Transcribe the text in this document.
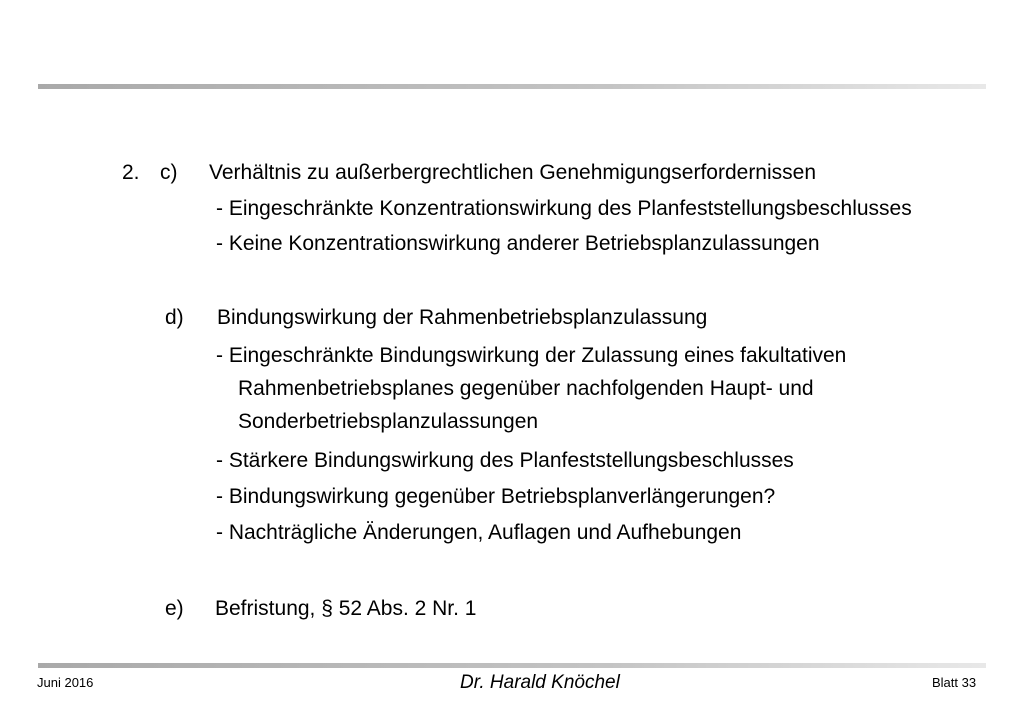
2. c) Verhältnis zu außerbergrechtlichen Genehmigungserfordernissen
- Eingeschränkte Konzentrationswirkung des Planfeststellungsbeschlusses
- Keine Konzentrationswirkung anderer Betriebsplanzulassungen
d) Bindungswirkung der Rahmenbetriebsplanzulassung
- Eingeschränkte Bindungswirkung der Zulassung eines fakultativen
Rahmenbetriebsplanes gegenüber nachfolgenden Haupt- und
Sonderbetriebsplanzulassungen
- Stärkere Bindungswirkung des Planfeststellungsbeschlusses
- Bindungswirkung gegenüber Betriebsplanverlängerungen?
- Nachträgliche Änderungen, Auflagen und Aufhebungen
e) Befristung, § 52 Abs. 2 Nr. 1
Juni 2016	Dr. Harald Knöchel	Blatt 33
